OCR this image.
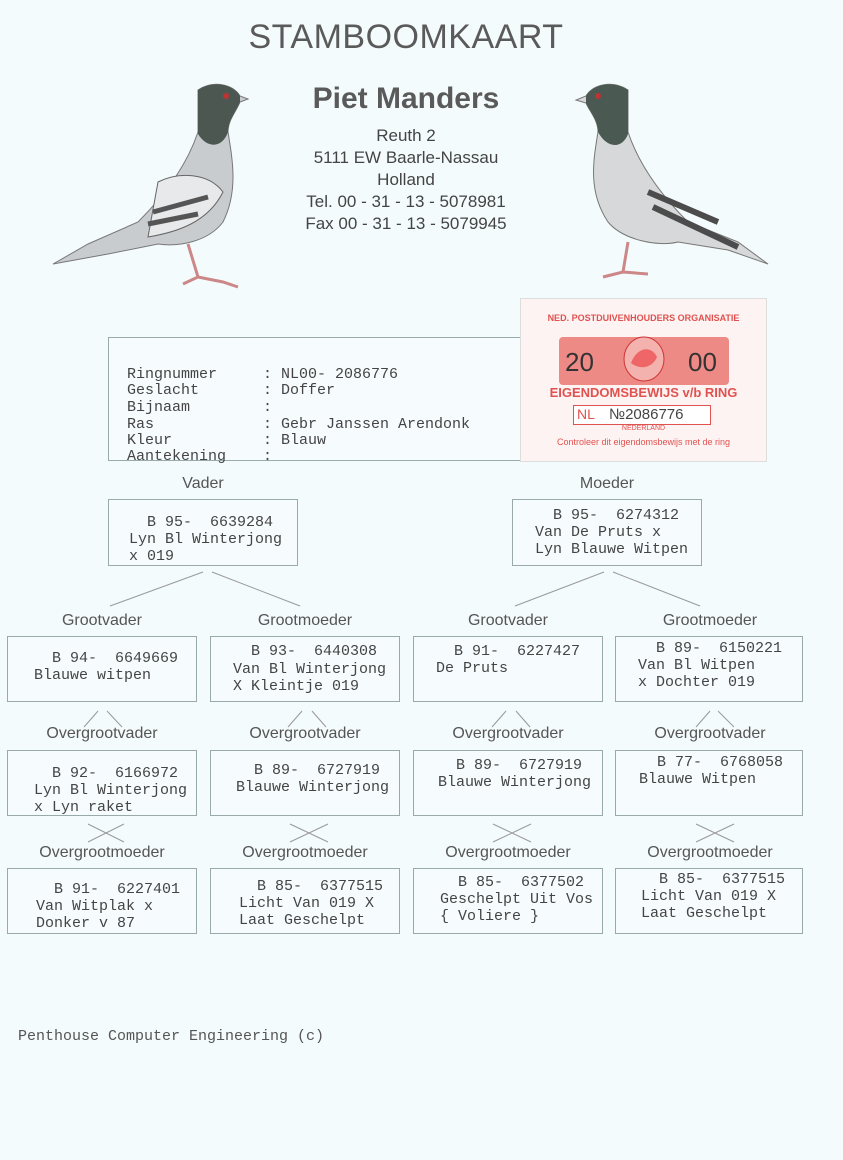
STAMBOOMKAART
Piet Manders
Reuth 2
5111 EW Baarle-Nassau
Holland
Tel. 00 - 31 - 13 - 5078981
Fax 00 - 31 - 13 - 5079945
Ringnummer	: NL00- 2086776
Geslacht	: Doffer
Bijnaam	:
Ras	: Gebr Janssen Arendonk
Kleur	: Blauw
Aantekening :
NED. POSTDUIVENHOUDERS ORGANISATIE
20	00
EIGENDOMSBEWIJS v/b RING
NL №2086776
NEDERLAND
Controleer dit eigendomsbewijs met de ring
Vader	Moeder
B 95-  6639284
Lyn Bl Winterjong
x 019
B 95-  6274312
Van De Pruts x
Lyn Blauwe Witpen
Grootvader	Grootmoeder	Grootvader	Grootmoeder
B 94-  6649669
Blauwe witpen
B 93-  6440308
Van Bl Winterjong
X Kleintje 019
B 91-  6227427
De Pruts
B 89-  6150221
Van Bl Witpen
x Dochter 019
Overgrootvader	Overgrootvader	Overgrootvader	Overgrootvader
B 92-  6166972
Lyn Bl Winterjong
x Lyn raket
B 89-  6727919
Blauwe Winterjong
B 89-  6727919
Blauwe Winterjong
B 77-  6768058
Blauwe Witpen
Overgrootmoeder	Overgrootmoeder	Overgrootmoeder	Overgrootmoeder
B 91-  6227401
Van Witplak x
Donker v 87
B 85-  6377515
Licht Van 019 X
Laat Geschelpt
B 85-  6377502
Geschelpt Uit Vos
{ Voliere }
B 85-  6377515
Licht Van 019 X
Laat Geschelpt
Penthouse Computer Engineering (c)
